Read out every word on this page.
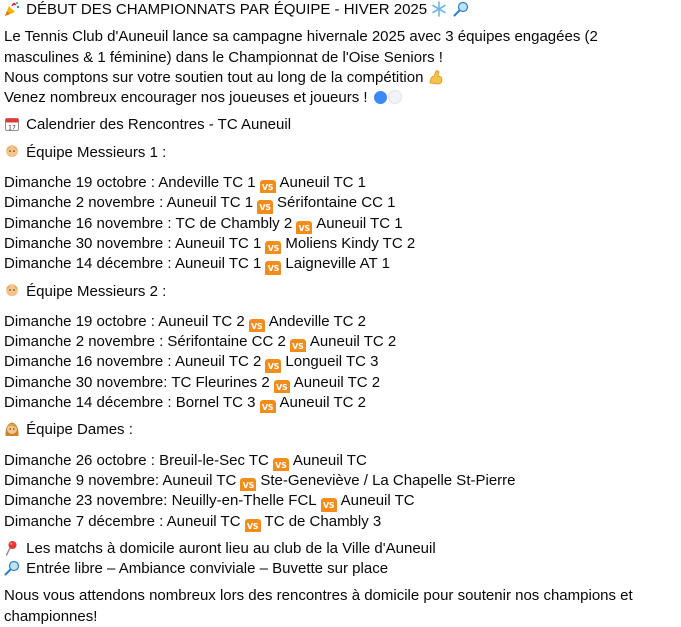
DÉBUT DES CHAMPIONNATS PAR ÉQUIPE - HIVER 2025
Le Tennis Club d'Auneuil lance sa campagne hivernale 2025 avec 3 équipes engagées (2 masculines & 1 féminine) dans le Championnat de l'Oise Seniors !
Nous comptons sur votre soutien tout au long de la compétition
Venez nombreux encourager nos joueuses et joueurs !
17 Calendrier des Rencontres - TC Auneuil
Équipe Messieurs 1 :
Dimanche 19 octobre : Andeville TC 1 VS Auneuil TC 1
Dimanche 2 novembre : Auneuil TC 1 VS Sérifontaine CC 1
Dimanche 16 novembre : TC de Chambly 2 VS Auneuil TC 1
Dimanche 30 novembre : Auneuil TC 1 VS Moliens Kindy TC 2
Dimanche 14 décembre : Auneuil TC 1 VS Laigneville AT 1
Équipe Messieurs 2 :
Dimanche 19 octobre : Auneuil TC 2 VS Andeville TC 2
Dimanche 2 novembre : Sérifontaine CC 2 VS Auneuil TC 2
Dimanche 16 novembre : Auneuil TC 2 VS Longueil TC 3
Dimanche 30 novembre: TC Fleurines 2 VS Auneuil TC 2
Dimanche 14 décembre : Bornel TC 3 VS Auneuil TC 2
Équipe Dames :
Dimanche 26 octobre : Breuil-le-Sec TC VS Auneuil TC
Dimanche 9 novembre: Auneuil TC VS Ste-Geneviève / La Chapelle St-Pierre
Dimanche 23 novembre: Neuilly-en-Thelle FCL VS Auneuil TC
Dimanche 7 décembre : Auneuil TC VS TC de Chambly 3
Les matchs à domicile auront lieu au club de la Ville d'Auneuil
Entrée libre – Ambiance conviviale – Buvette sur place
Nous vous attendons nombreux lors des rencontres à domicile pour soutenir nos champions et championnes!
